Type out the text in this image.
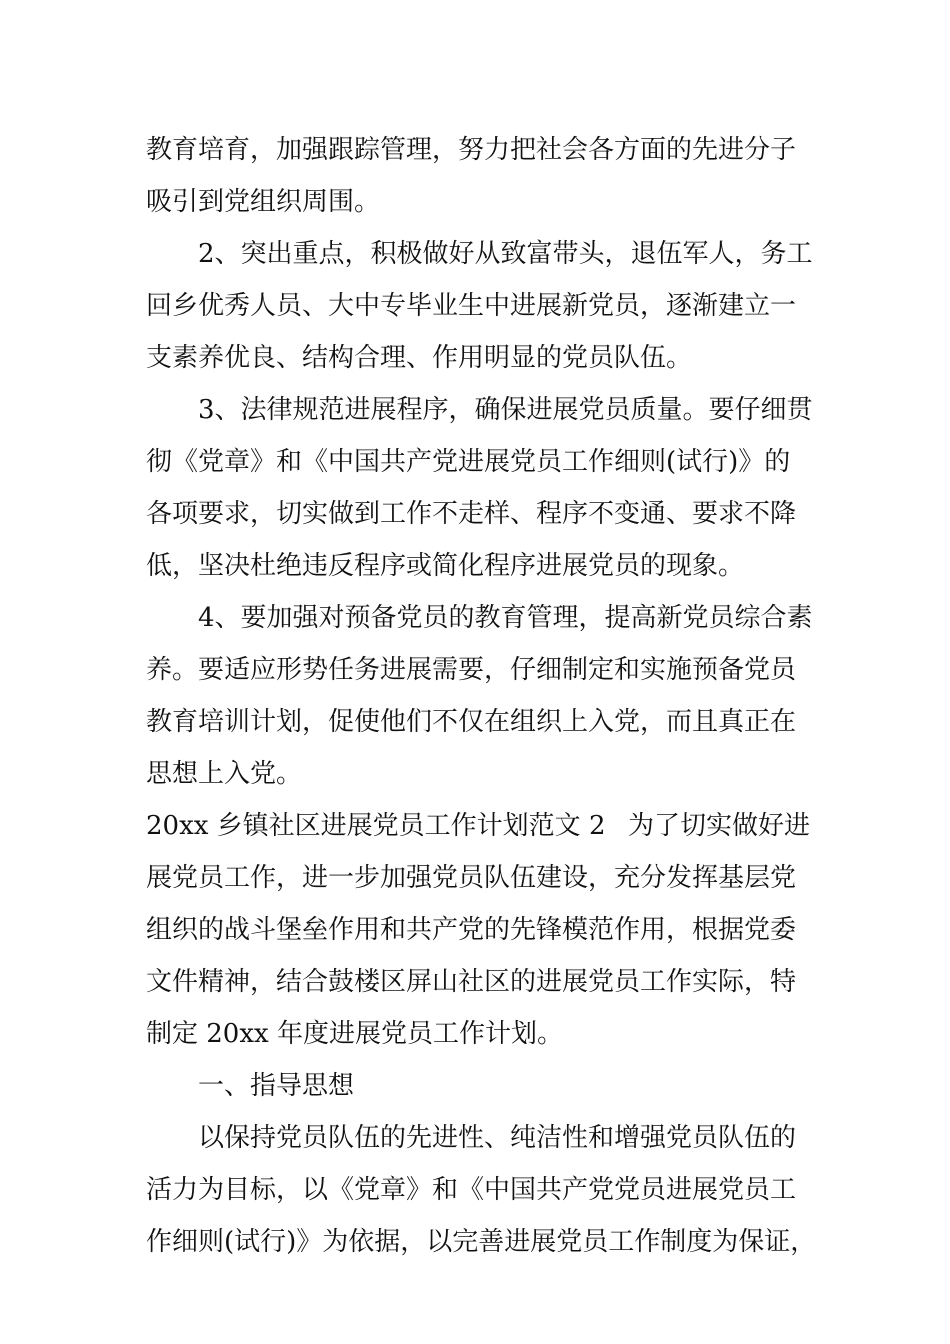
教育培育，加强跟踪管理，努力把社会各方面的先进分子
吸引到党组织周围。
2、突出重点，积极做好从致富带头，退伍军人，务工
回乡优秀人员、大中专毕业生中进展新党员，逐渐建立一
支素养优良、结构合理、作用明显的党员队伍。
3、法律规范进展程序，确保进展党员质量。要仔细贯
彻《党章》和《中国共产党进展党员工作细则(试行)》的
各项要求，切实做到工作不走样、程序不变通、要求不降
低，坚决杜绝违反程序或简化程序进展党员的现象。
4、要加强对预备党员的教育管理，提高新党员综合素
养。要适应形势任务进展需要，仔细制定和实施预备党员
教育培训计划，促使他们不仅在组织上入党，而且真正在
思想上入党。
20xx 乡镇社区进展党员工作计划范文 2 为了切实做好进
展党员工作，进一步加强党员队伍建设，充分发挥基层党
组织的战斗堡垒作用和共产党的先锋模范作用，根据党委
文件精神，结合鼓楼区屏山社区的进展党员工作实际，特
制定 20xx 年度进展党员工作计划。
一、指导思想
以保持党员队伍的先进性、纯洁性和增强党员队伍的
活力为目标，以《党章》和《中国共产党党员进展党员工
作细则(试行)》为依据，以完善进展党员工作制度为保证，
